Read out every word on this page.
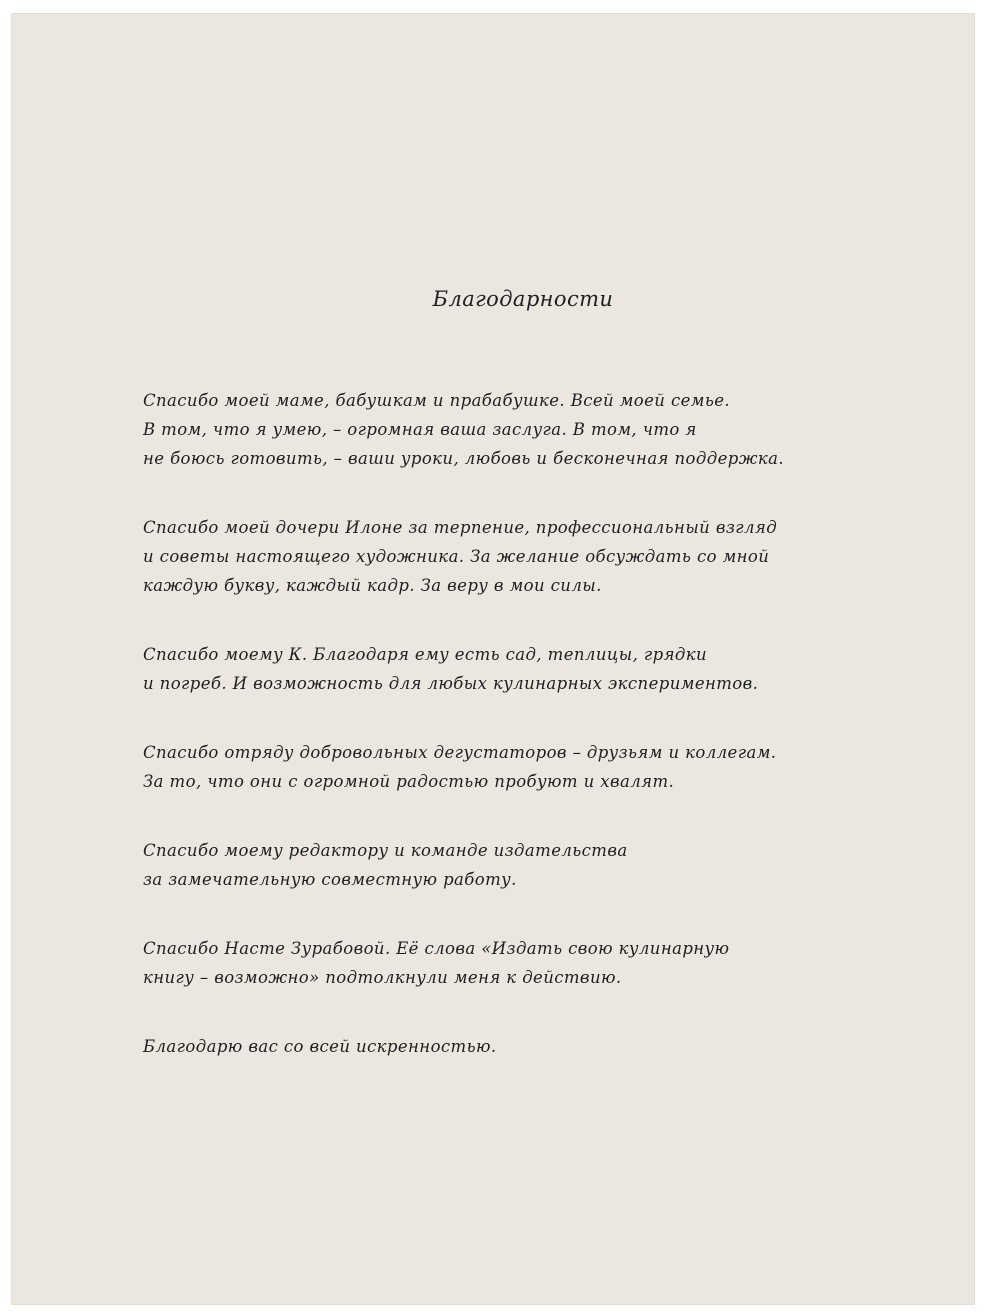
Благодарности
Спасибо моей маме, бабушкам и прабабушке. Всей моей семье.
В том, что я умею, – огромная ваша заслуга. В том, что я
не боюсь готовить, – ваши уроки, любовь и бесконечная поддержка.
Спасибо моей дочери Илоне за терпение, профессиональный взгляд
и советы настоящего художника. За желание обсуждать со мной
каждую букву, каждый кадр. За веру в мои силы.
Спасибо моему К. Благодаря ему есть сад, теплицы, грядки
и погреб. И возможность для любых кулинарных экспериментов.
Спасибо отряду добровольных дегустаторов – друзьям и коллегам.
За то, что они с огромной радостью пробуют и хвалят.
Спасибо моему редактору и команде издательства
за замечательную совместную работу.
Спасибо Насте Зурабовой. Её слова «Издать свою кулинарную
книгу – возможно» подтолкнули меня к действию.
Благодарю вас со всей искренностью.
